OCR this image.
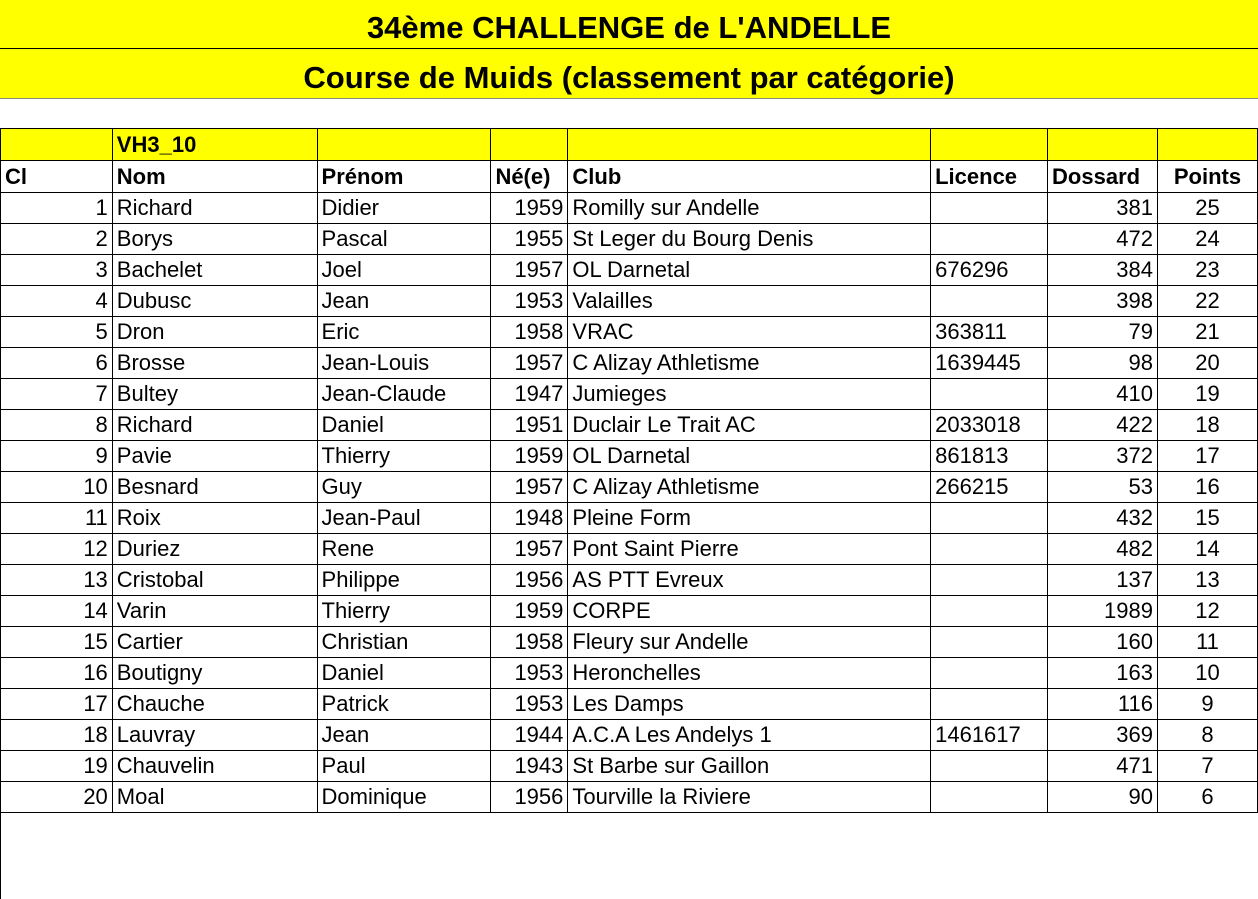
34ème CHALLENGE de L'ANDELLE
Course de Muids (classement par catégorie)
	VH3_10						
Cl	Nom	Prénom	Né(e)	Club	Licence	Dossard	Points
1	Richard	Didier	1959	Romilly sur Andelle		381	25
2	Borys	Pascal	1955	St Leger du Bourg Denis		472	24
3	Bachelet	Joel	1957	OL Darnetal	676296	384	23
4	Dubusc	Jean	1953	Valailles		398	22
5	Dron	Eric	1958	VRAC	363811	79	21
6	Brosse	Jean-Louis	1957	C Alizay Athletisme	1639445	98	20
7	Bultey	Jean-Claude	1947	Jumieges		410	19
8	Richard	Daniel	1951	Duclair Le Trait AC	2033018	422	18
9	Pavie	Thierry	1959	OL Darnetal	861813	372	17
10	Besnard	Guy	1957	C Alizay Athletisme	266215	53	16
11	Roix	Jean-Paul	1948	Pleine Form		432	15
12	Duriez	Rene	1957	Pont Saint Pierre		482	14
13	Cristobal	Philippe	1956	AS PTT Evreux		137	13
14	Varin	Thierry	1959	CORPE		1989	12
15	Cartier	Christian	1958	Fleury sur Andelle		160	11
16	Boutigny	Daniel	1953	Heronchelles		163	10
17	Chauche	Patrick	1953	Les Damps		116	9
18	Lauvray	Jean	1944	A.C.A Les Andelys 1	1461617	369	8
19	Chauvelin	Paul	1943	St Barbe sur Gaillon		471	7
20	Moal	Dominique	1956	Tourville la Riviere		90	6
